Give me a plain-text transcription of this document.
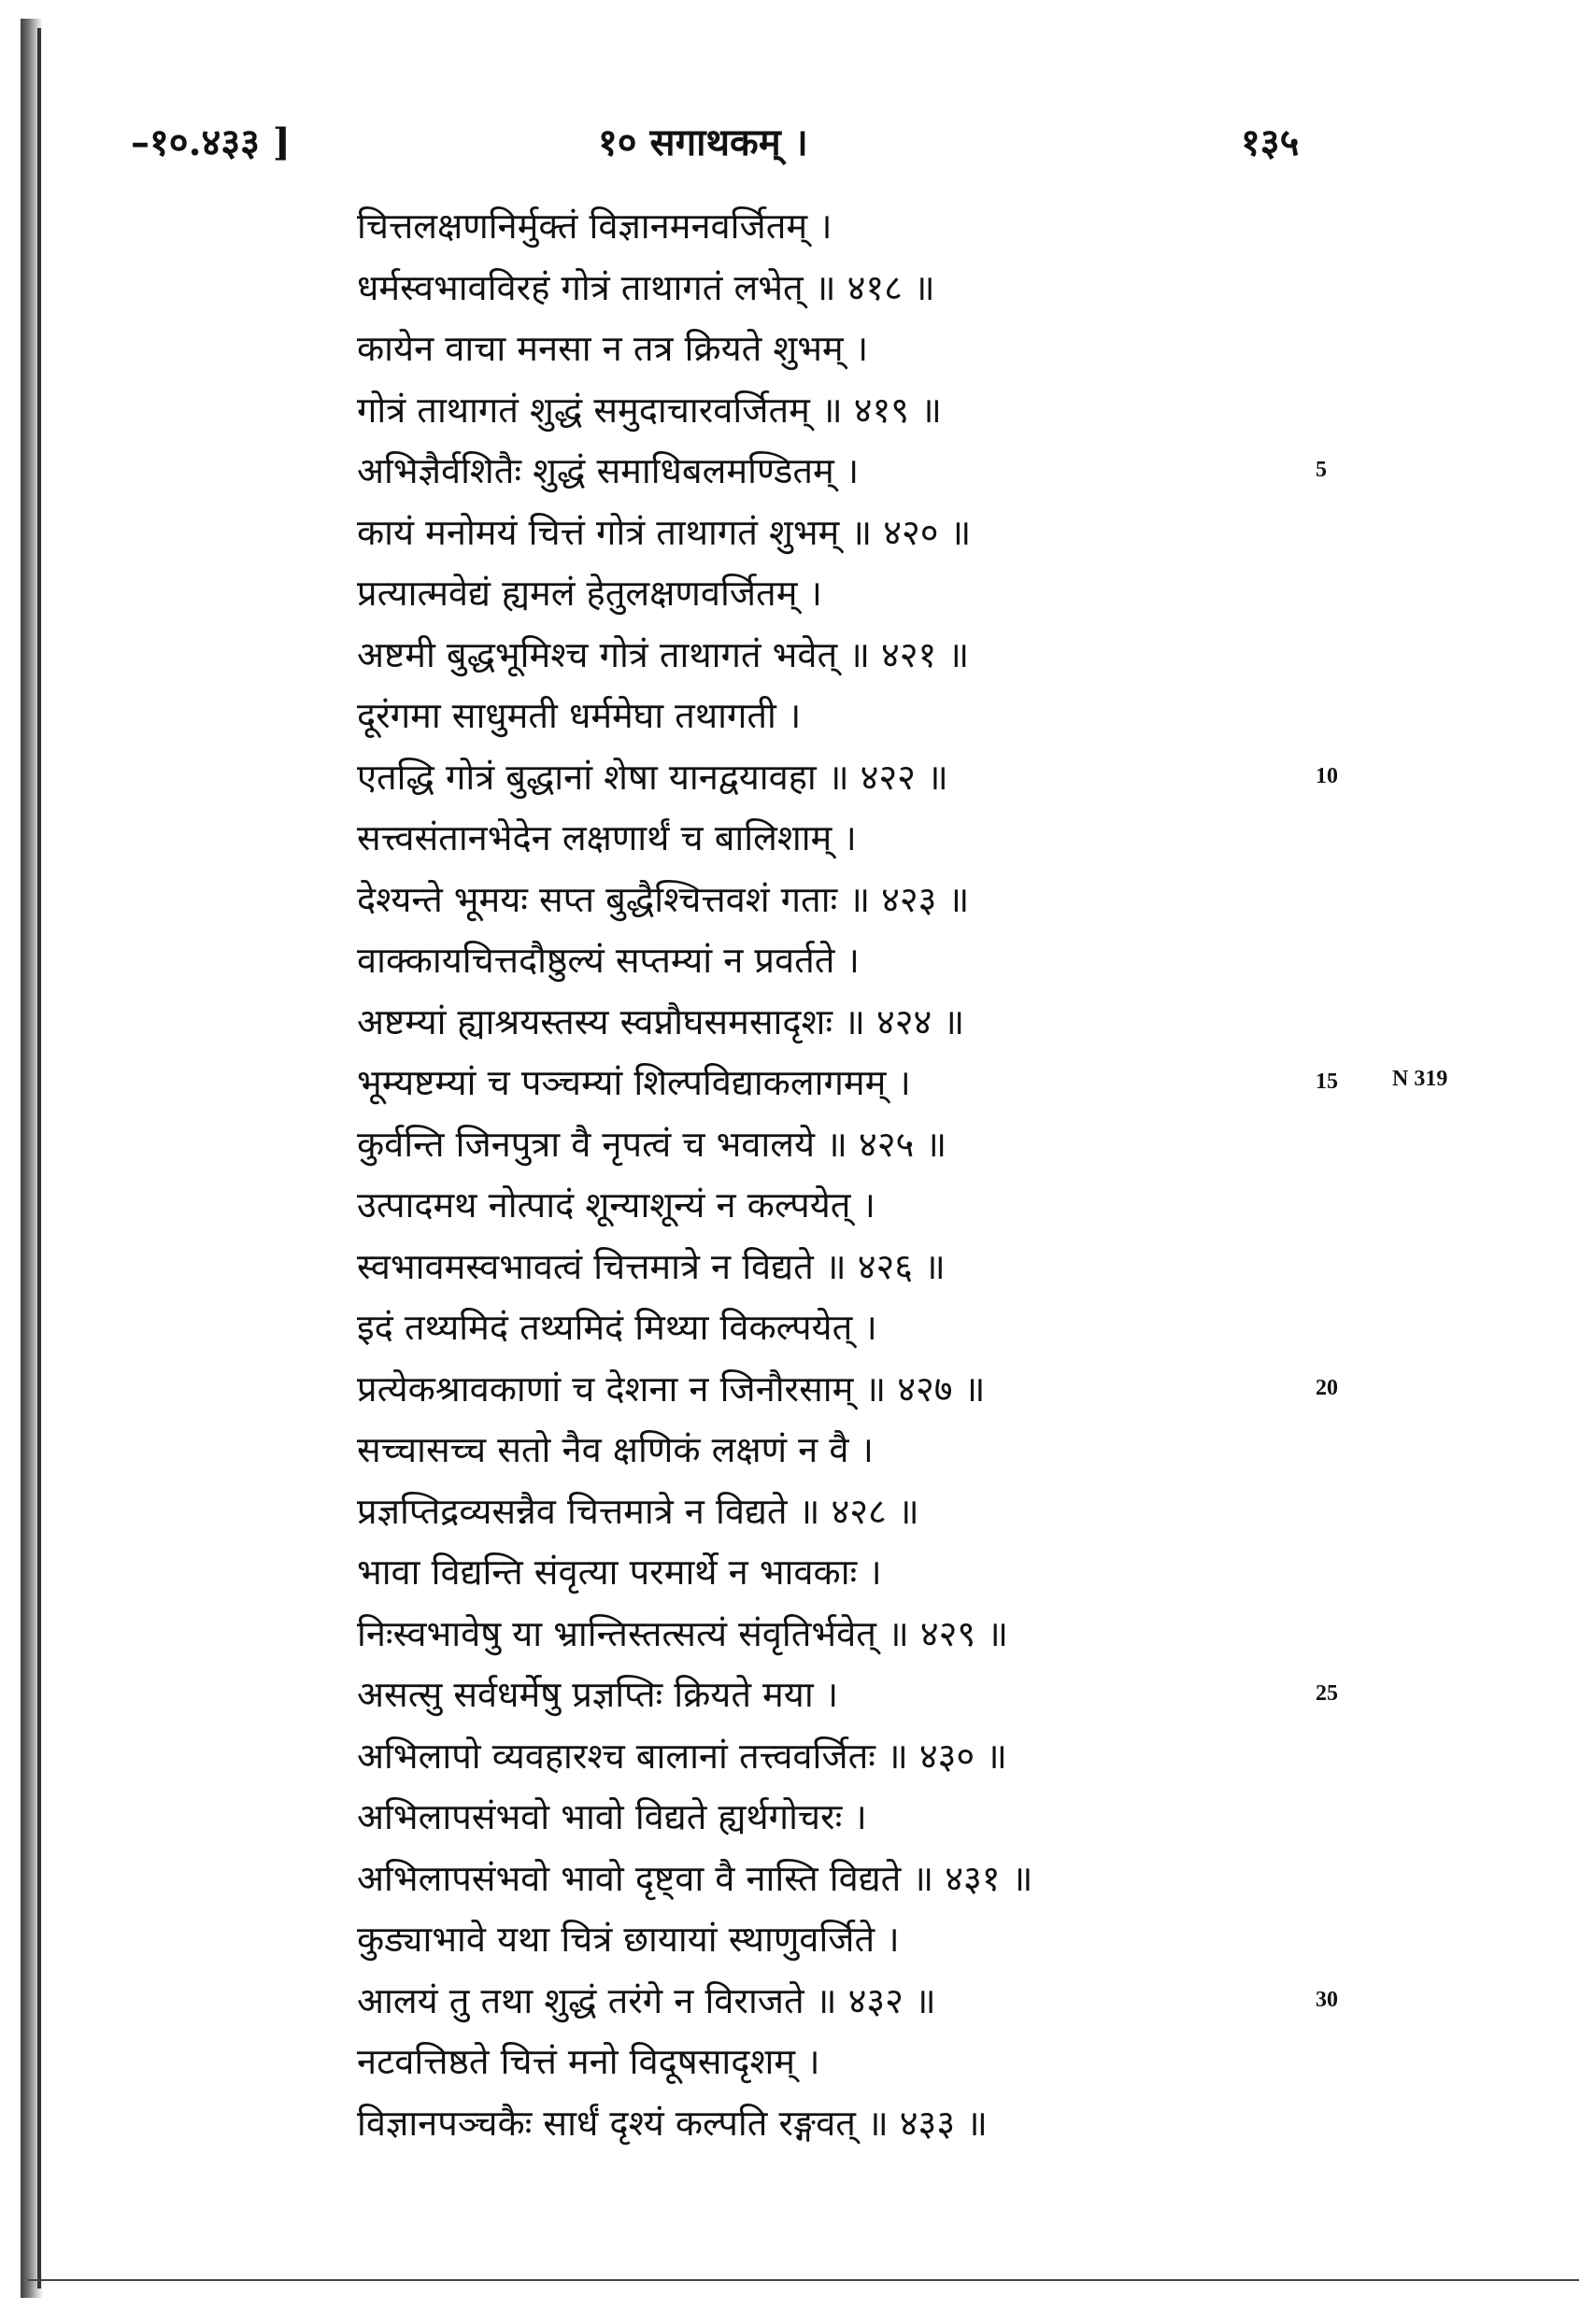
–१०.४३३ ]	१० सगाथकम् ।	१३५
चित्तलक्षणनिर्मुक्तं विज्ञानमनवर्जितम् ।
धर्मस्वभावविरहं गोत्रं ताथागतं लभेत् ॥ ४१८ ॥
कायेन वाचा मनसा न तत्र क्रियते शुभम् ।
गोत्रं ताथागतं शुद्धं समुदाचारवर्जितम् ॥ ४१९ ॥
अभिज्ञैर्वशितैः शुद्धं समाधिबलमण्डितम् ।
कायं मनोमयं चित्तं गोत्रं ताथागतं शुभम् ॥ ४२० ॥
प्रत्यात्मवेद्यं ह्यमलं हेतुलक्षणवर्जितम् ।
अष्टमी बुद्धभूमिश्च गोत्रं ताथागतं भवेत् ॥ ४२१ ॥
दूरंगमा साधुमती धर्ममेघा तथागती ।
एतद्धि गोत्रं बुद्धानां शेषा यानद्वयावहा ॥ ४२२ ॥
सत्त्वसंतानभेदेन लक्षणार्थं च बालिशाम् ।
देश्यन्ते भूमयः सप्त बुद्धैश्चित्तवशं गताः ॥ ४२३ ॥
वाक्कायचित्तदौष्ठुल्यं सप्तम्यां न प्रवर्तते ।
अष्टम्यां ह्याश्रयस्तस्य स्वप्नौघसमसादृशः ॥ ४२४ ॥
भूम्यष्टम्यां च पञ्चम्यां शिल्पविद्याकलागमम् ।
कुर्वन्ति जिनपुत्रा वै नृपत्वं च भवालये ॥ ४२५ ॥
उत्पादमथ नोत्पादं शून्याशून्यं न कल्पयेत् ।
स्वभावमस्वभावत्वं चित्तमात्रे न विद्यते ॥ ४२६ ॥
इदं तथ्यमिदं तथ्यमिदं मिथ्या विकल्पयेत् ।
प्रत्येकश्रावकाणां च देशना न जिनौरसाम् ॥ ४२७ ॥
सच्चासच्च सतो नैव क्षणिकं लक्षणं न वै ।
प्रज्ञप्तिद्रव्यसन्नैव चित्तमात्रे न विद्यते ॥ ४२८ ॥
भावा विद्यन्ति संवृत्या परमार्थे न भावकाः ।
निःस्वभावेषु या भ्रान्तिस्तत्सत्यं संवृतिर्भवेत् ॥ ४२९ ॥
असत्सु सर्वधर्मेषु प्रज्ञप्तिः क्रियते मया ।
अभिलापो व्यवहारश्च बालानां तत्त्ववर्जितः ॥ ४३० ॥
अभिलापसंभवो भावो विद्यते ह्यर्थगोचरः ।
अभिलापसंभवो भावो दृष्ट्वा वै नास्ति विद्यते ॥ ४३१ ॥
कुड्याभावे यथा चित्रं छायायां स्थाणुवर्जिते ।
आलयं तु तथा शुद्धं तरंगे न विराजते ॥ ४३२ ॥
नटवत्तिष्ठते चित्तं मनो विदूषसादृशम् ।
विज्ञानपञ्चकैः सार्धं दृश्यं कल्पति रङ्गवत् ॥ ४३३ ॥
5
10
15
20
25
30
N 319
